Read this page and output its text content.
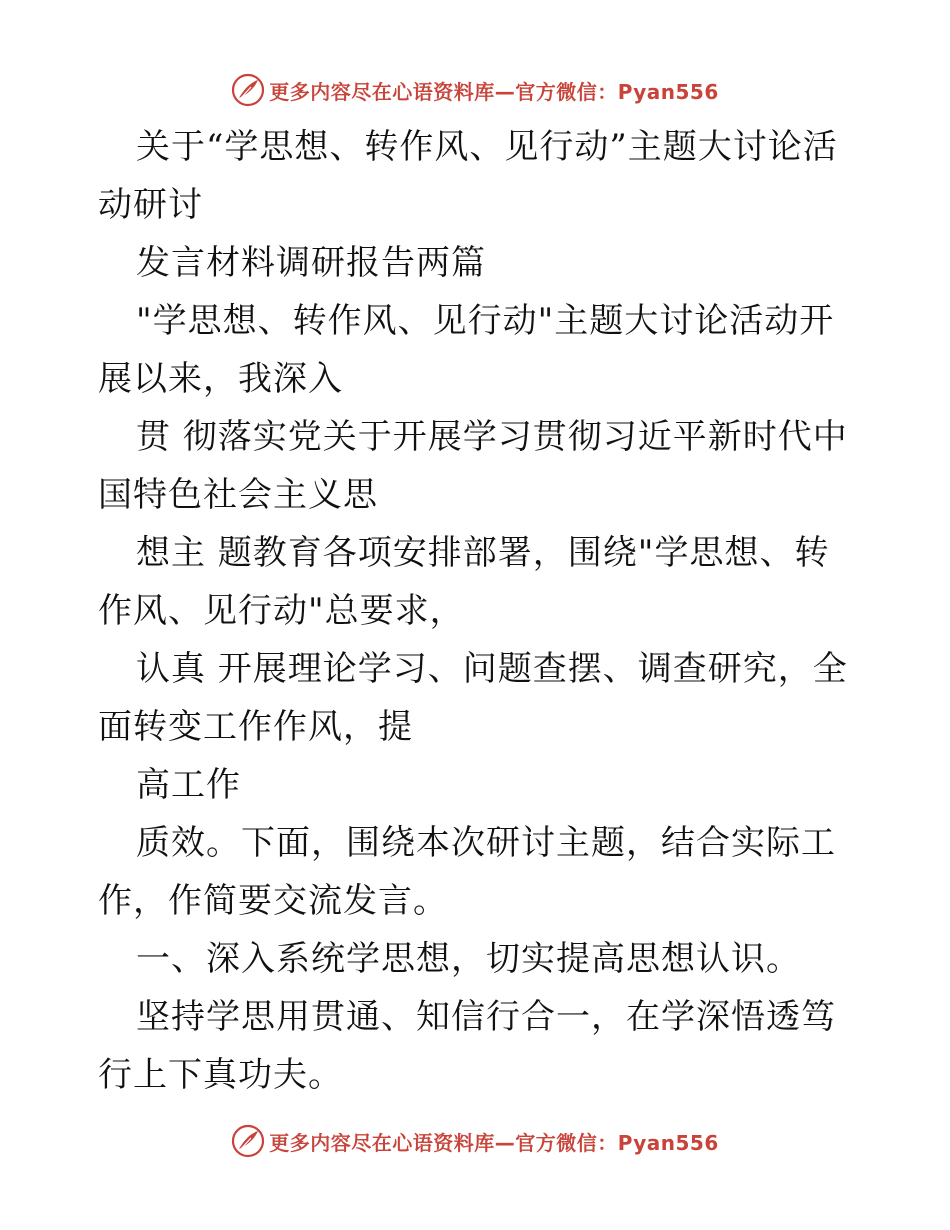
更多内容尽在心语资料库—官方微信：Pyan556

关于“学思想、转作风、见行动”主题大讨论活动研讨

发言材料调研报告两篇

"学思想、转作风、见行动"主题大讨论活动开展以来，我深入

贯 彻落实党关于开展学习贯彻习近平新时代中国特色社会主义思

想主 题教育各项安排部署，围绕"学思想、转作风、见行动"总要求，

认真 开展理论学习、问题查摆、调查研究，全面转变工作作风，提

高工作

质效。下面，围绕本次研讨主题，结合实际工作，作简要交流发言。

一、深入系统学思想，切实提高思想认识。

坚持学思用贯通、知信行合一，在学深悟透笃行上下真功夫。

更多内容尽在心语资料库—官方微信：Pyan556
